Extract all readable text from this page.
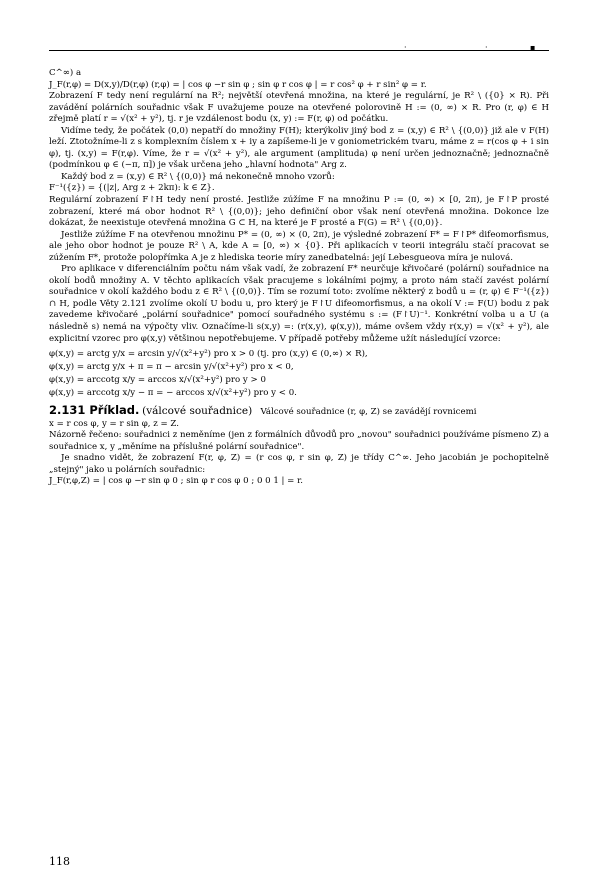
·	·	▪

C^∞) a

J_F(r,φ) = D(x,y)/D(r,φ) (r,φ) = | cos φ −r sin φ ; sin φ r cos φ | = r cos² φ + r sin² φ = r.

Zobrazení F tedy není regulární na R²; největší otevřená množina, na které je regulární, je R² \ ({0} × R). Při zavádění polárních souřadnic však F uvažujeme pouze na otevřené polorovině H := (0, ∞) × R. Pro (r, φ) ∈ H zřejmě platí r = √(x² + y²), tj. r je vzdálenost bodu (x, y) := F(r, φ) od počátku.

Vidíme tedy, že počátek (0,0) nepatří do množiny F(H); kterýkoliv jiný bod z = (x,y) ∈ R² \ {(0,0)} již ale v F(H) leží. Ztotožníme-li z s komplexním číslem x + iy a zapíšeme-li je v goniometrickém tvaru, máme z = r(cos φ + i sin φ), tj. (x,y) = F(r,φ). Víme, že r = √(x² + y²), ale argument (amplituda) φ není určen jednoznačně; jednoznačně (podmínkou φ ∈ (−π, π]) je však určena jeho „hlavní hodnota" Arg z.

Každý bod z = (x,y) ∈ R² \ {(0,0)} má nekonečně mnoho vzorů:

F⁻¹({z}) = {(|z|, Arg z + 2kπ): k ∈ Z}.

Regulární zobrazení F↾H tedy není prosté. Jestliže zúžíme F na množinu P := (0, ∞) × [0, 2π), je F↾P prosté zobrazení, které má obor hodnot R² \ {(0,0)}; jeho definiční obor však není otevřená množina. Dokonce lze dokázat, že neexistuje otevřená množina G ⊂ H, na které je F prosté a F(G) = R² \ {(0,0)}.

Jestliže zúžíme F na otevřenou množinu P* = (0, ∞) × (0, 2π), je výsledné zobrazení F* = F↾P* difeomorfismus, ale jeho obor hodnot je pouze R² \ A, kde A = [0, ∞) × {0}. Při aplikacích v teorii integrálu stačí pracovat se zúžením F*, protože polopřímka A je z hlediska teorie míry zanedbatelná: její Lebesgueova míra je nulová.

Pro aplikace v diferenciálním počtu nám však vadí, že zobrazení F* neurčuje křivočaré (polární) souřadnice na okolí bodů množiny A. V těchto aplikacích však pracujeme s lokálními pojmy, a proto nám stačí zavést polární souřadnice v okolí každého bodu z ∈ R² \ {(0,0)}. Tím se rozumí toto: zvolíme některý z bodů u = (r, φ) ∈ F⁻¹({z}) ∩ H, podle Věty 2.121 zvolíme okolí U bodu u, pro který je F↾U difeomorfismus, a na okolí V := F(U) bodu z pak zavedeme křivočaré „polární souřadnice" pomocí souřadného systému s := (F↾U)⁻¹. Konkrétní volba u a U (a následně s) nemá na výpočty vliv. Označíme-li s(x,y) =: (r(x,y), φ(x,y)), máme ovšem vždy r(x,y) = √(x² + y²), ale explicitní vzorec pro φ(x,y) většinou nepotřebujeme. V případě potřeby můžeme užít následující vzorce:

φ(x,y) = arctg y/x = arcsin y/√(x²+y²) pro x > 0 (tj. pro (x,y) ∈ (0,∞) × R),
φ(x,y) = arctg y/x + π = π − arcsin y/√(x²+y²) pro x < 0,
φ(x,y) = arccotg x/y = arccos x/√(x²+y²) pro y > 0
φ(x,y) = arccotg x/y − π = − arccos x/√(x²+y²) pro y < 0.

2.131 Příklad. (válcové souřadnice) Válcové souřadnice (r, φ, Z) se zavádějí rovnicemi

x = r cos φ, y = r sin φ, z = Z.

Názorně řečeno: souřadnici z neměníme (jen z formálních důvodů pro „novou" souřadnici používáme písmeno Z) a souřadnice x, y „měníme na příslušné polární souřadnice".

Je snadno vidět, že zobrazení F(r, φ, Z) = (r cos φ, r sin φ, Z) je třídy C^∞. Jeho jacobián je pochopitelně „stejný" jako u polárních souřadnic:

J_F(r,φ,Z) = | cos φ −r sin φ 0 ; sin φ r cos φ 0 ; 0 0 1 | = r.

118
